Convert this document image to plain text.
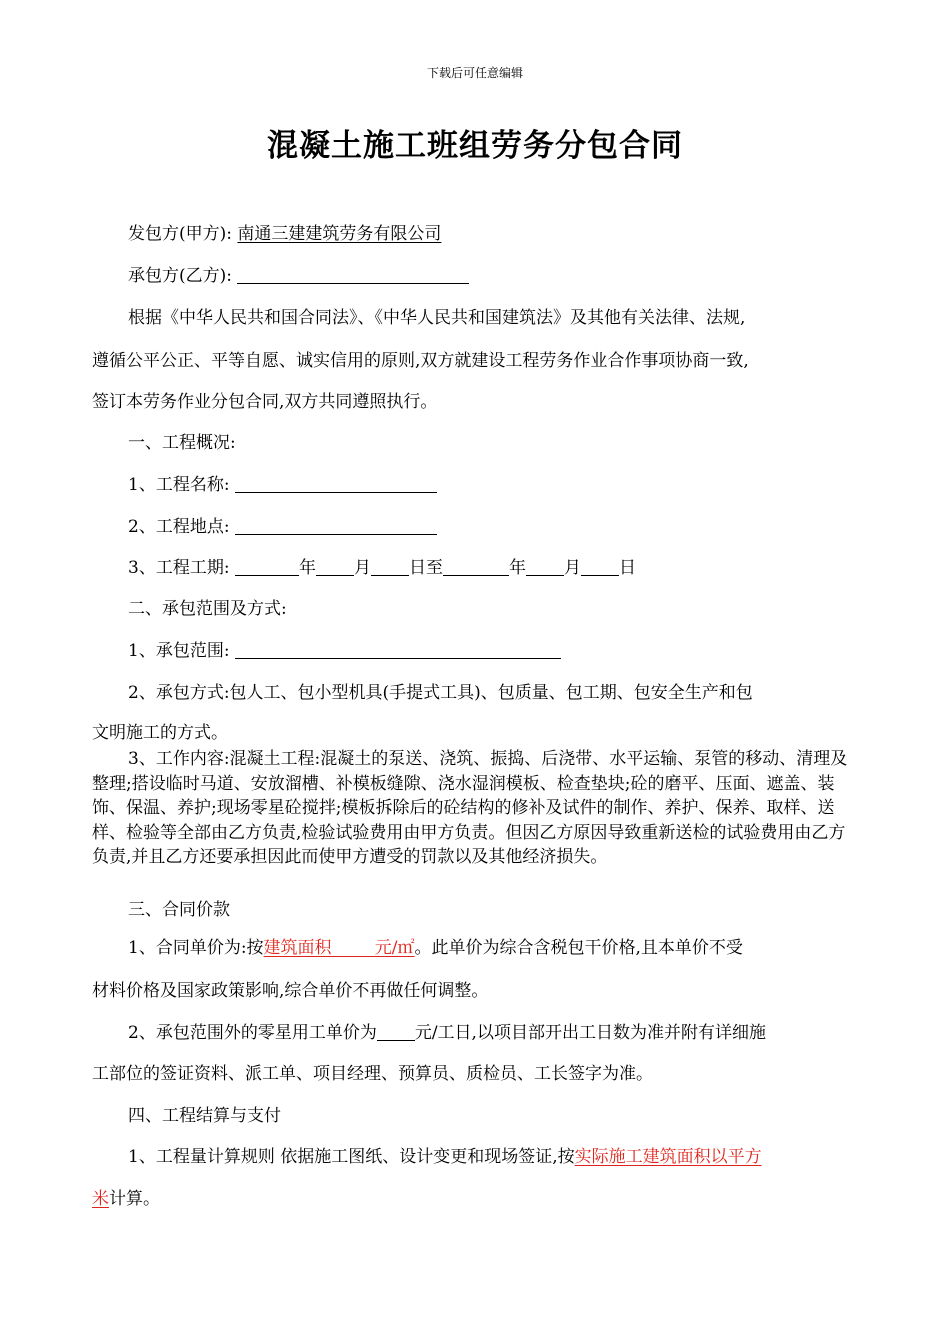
下载后可任意编辑
混凝土施工班组劳务分包合同
发包方(甲方): 南通三建建筑劳务有限公司
承包方(乙方):
根据《中华人民共和国合同法》、《中华人民共和国建筑法》及其他有关法律、法规,
遵循公平公正、平等自愿、诚实信用的原则,双方就建设工程劳务作业合作事项协商一致,
签订本劳务作业分包合同,双方共同遵照执行。
一、工程概况:
1、工程名称:
2、工程地点:
3、工程工期:	年 月 日至	年 月 日
二、承包范围及方式:
1、承包范围:
2、承包方式:包人工、包小型机具(手提式工具)、包质量、包工期、包安全生产和包
文明施工的方式。
3、工作内容:混凝土工程:混凝土的泵送、浇筑、振捣、后浇带、水平运输、泵管的移动、清理及整理;搭设临时马道、安放溜槽、补模板缝隙、浇水湿润模板、检查垫块;砼的磨平、压面、遮盖、装饰、保温、养护;现场零星砼搅拌;模板拆除后的砼结构的修补及试件的制作、养护、保养、取样、送样、检验等全部由乙方负责,检验试验费用由甲方负责。但因乙方原因导致重新送检的试验费用由乙方负责,并且乙方还要承担因此而使甲方遭受的罚款以及其他经济损失。
三、合同价款
1、合同单价为:按建筑面积        元/㎡。此单价为综合含税包干价格,且本单价不受
材料价格及国家政策影响,综合单价不再做任何调整。
2、承包范围外的零星用工单价为 元/工日,以项目部开出工日数为准并附有详细施
工部位的签证资料、派工单、项目经理、预算员、质检员、工长签字为准。
四、工程结算与支付
1、工程量计算规则 依据施工图纸、设计变更和现场签证,按实际施工建筑面积以平方
米计算。
